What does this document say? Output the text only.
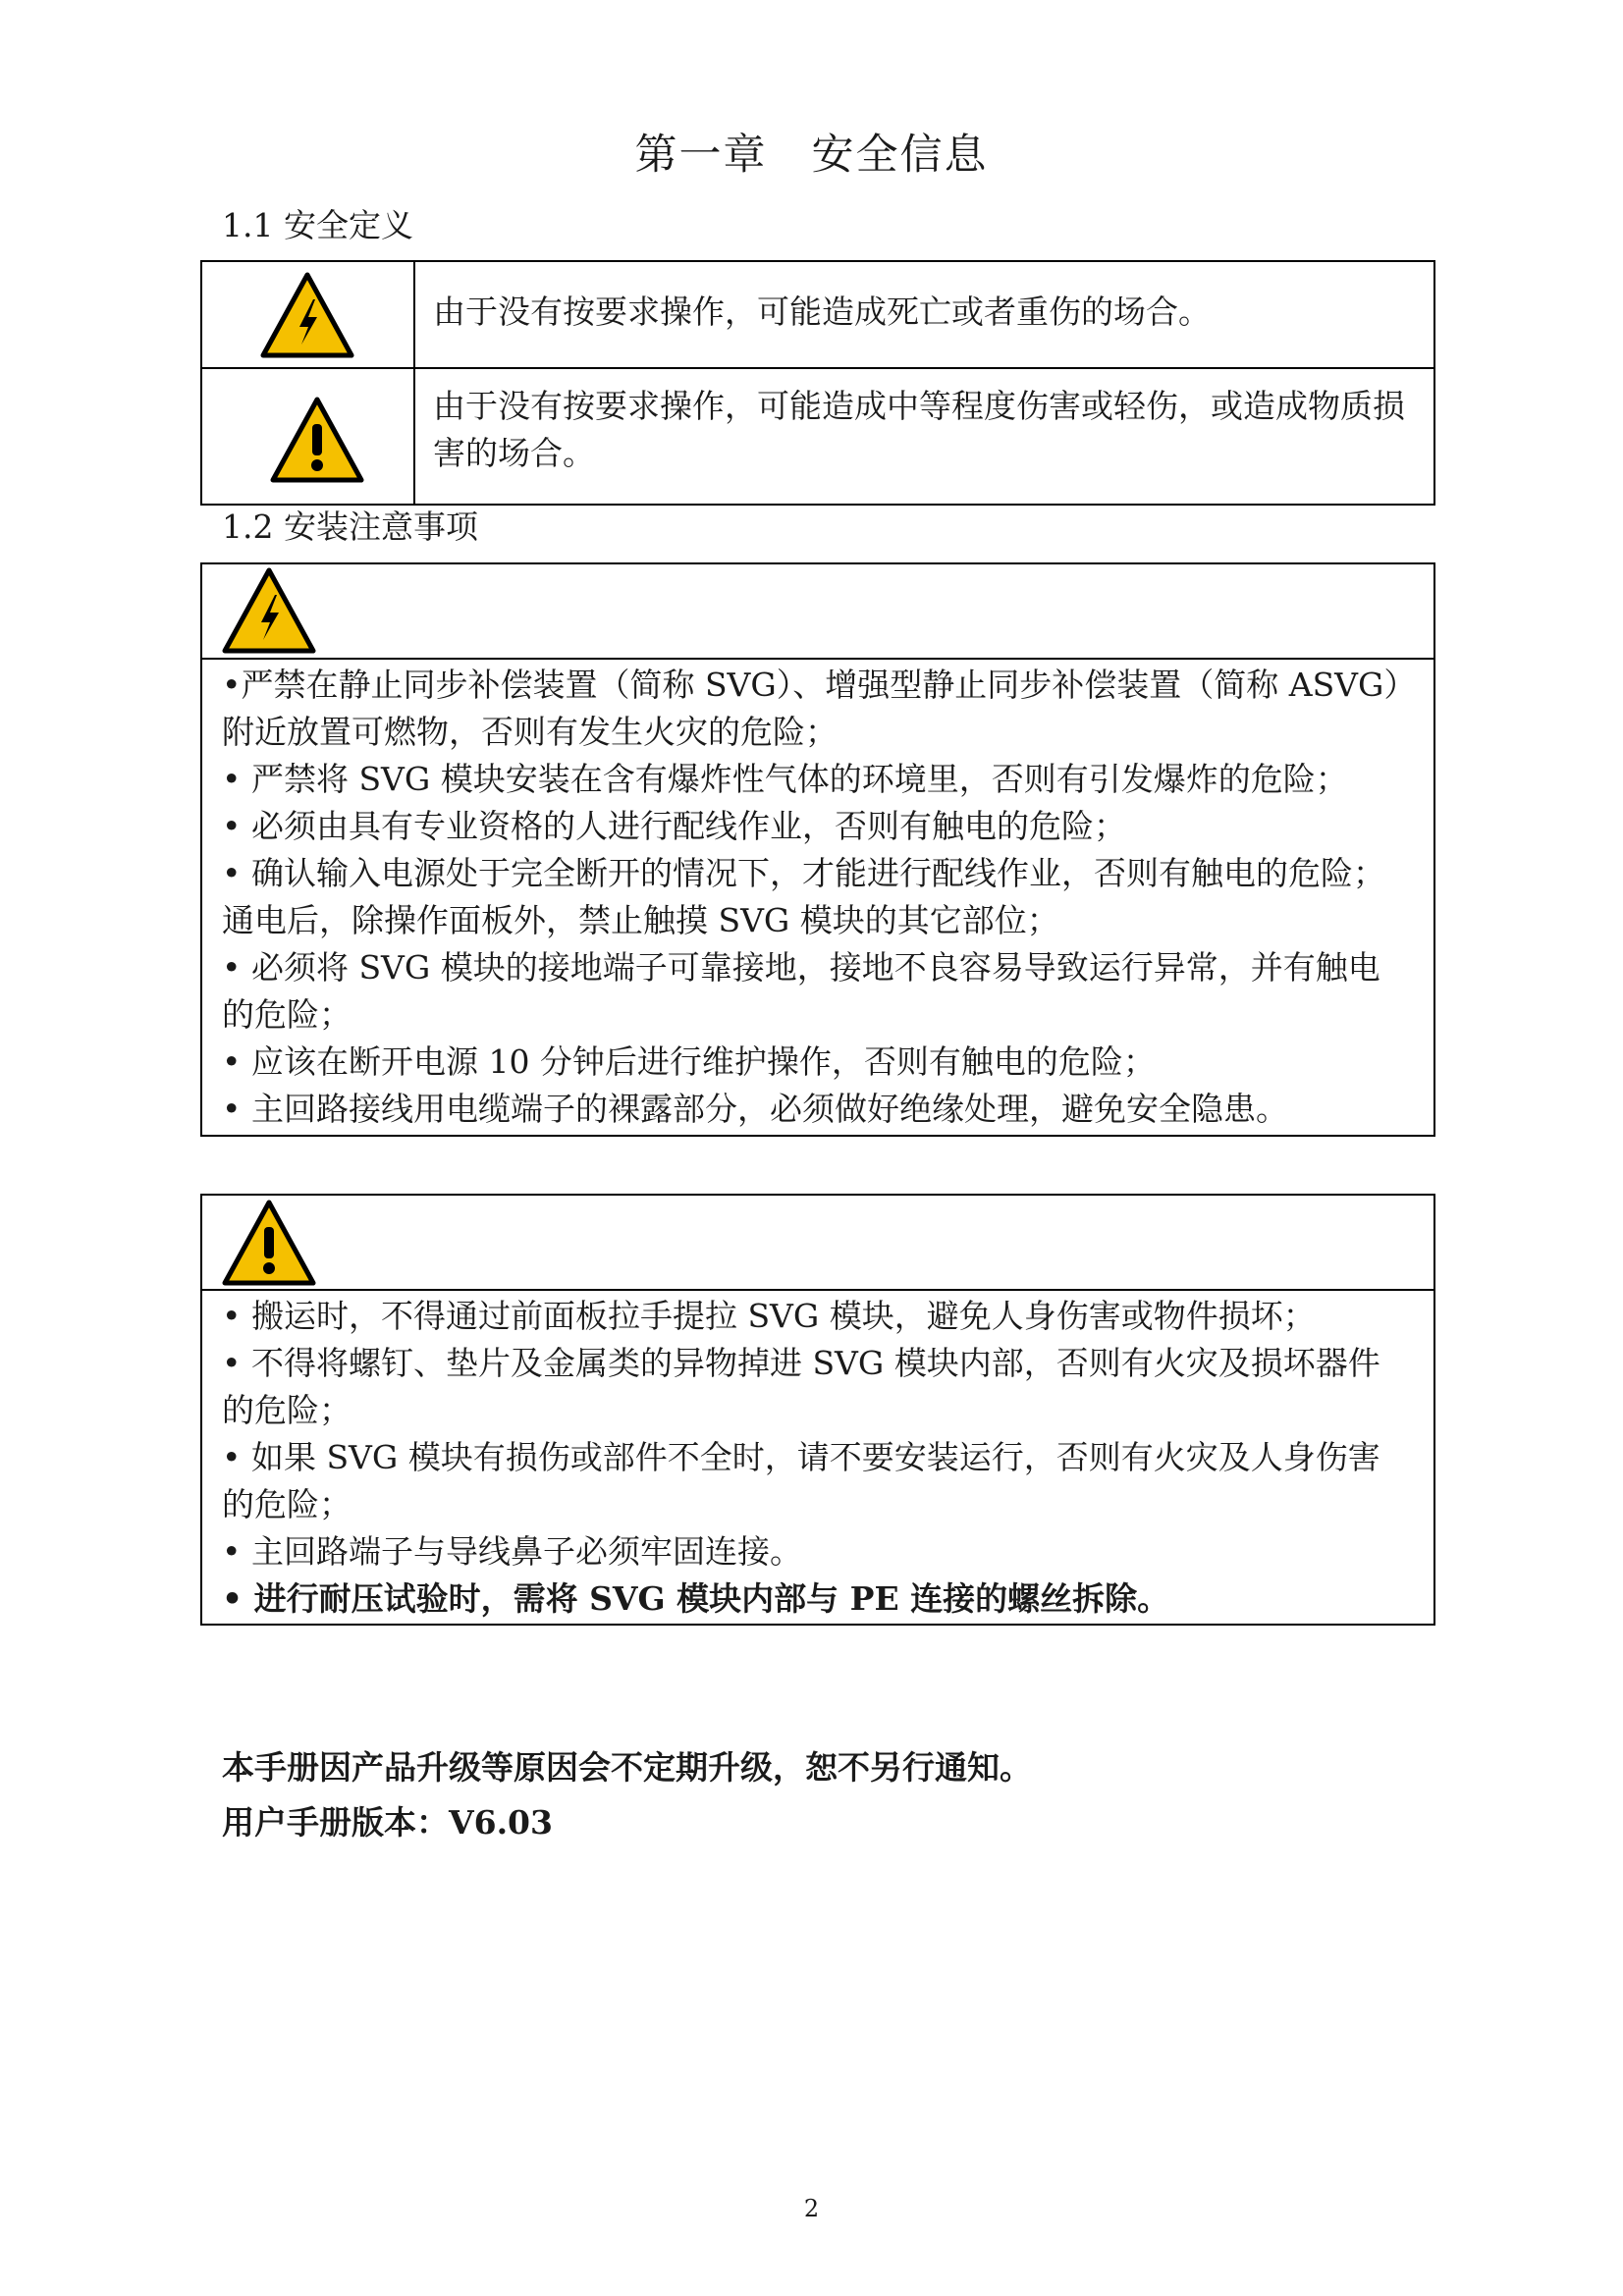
第一章　安全信息
1.1 安全定义
由于没有按要求操作，可能造成死亡或者重伤的场合。
由于没有按要求操作，可能造成中等程度伤害或轻伤，或造成物质损害的场合。
1.2 安装注意事项
•严禁在静止同步补偿装置（简称 SVG）、增强型静止同步补偿装置（简称 ASVG）附近放置可燃物，否则有发生火灾的危险；
• 严禁将 SVG 模块安装在含有爆炸性气体的环境里，否则有引发爆炸的危险；
• 必须由具有专业资格的人进行配线作业，否则有触电的危险；
• 确认输入电源处于完全断开的情况下，才能进行配线作业，否则有触电的危险；通电后，除操作面板外，禁止触摸 SVG 模块的其它部位；
• 必须将 SVG 模块的接地端子可靠接地，接地不良容易导致运行异常，并有触电的危险；
• 应该在断开电源 10 分钟后进行维护操作，否则有触电的危险；
• 主回路接线用电缆端子的裸露部分，必须做好绝缘处理，避免安全隐患。
• 搬运时，不得通过前面板拉手提拉 SVG 模块，避免人身伤害或物件损坏；
• 不得将螺钉、垫片及金属类的异物掉进 SVG 模块内部，否则有火灾及损坏器件的危险；
• 如果 SVG 模块有损伤或部件不全时，请不要安装运行，否则有火灾及人身伤害的危险；
• 主回路端子与导线鼻子必须牢固连接。
• 进行耐压试验时，需将 SVG 模块内部与 PE 连接的螺丝拆除。
本手册因产品升级等原因会不定期升级，恕不另行通知。
用户手册版本：V6.03
2
